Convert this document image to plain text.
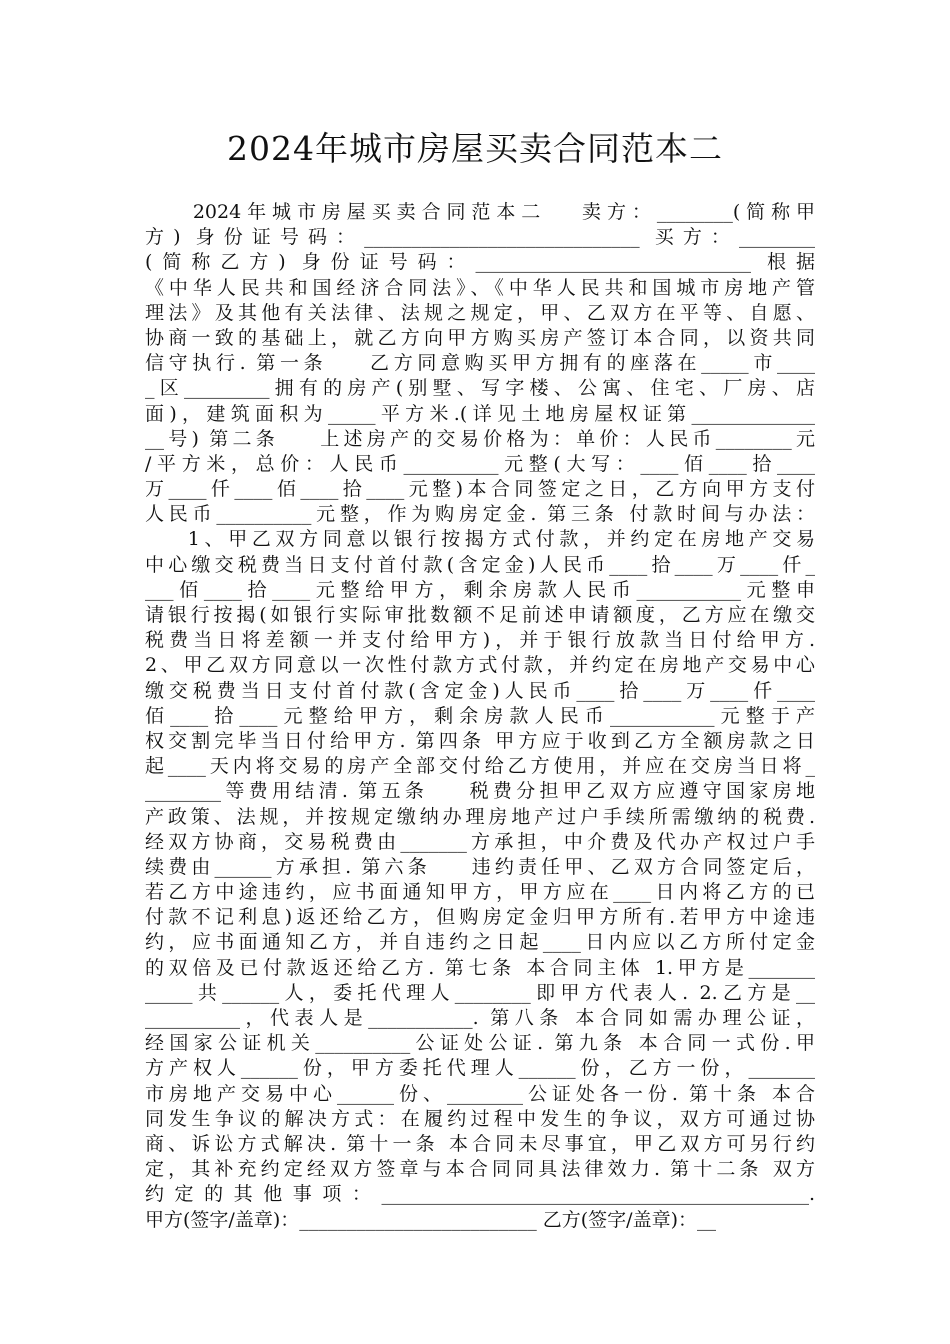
2024年城市房屋买卖合同范本二
2024年城市房屋买卖合同范本二   卖方：________(简称甲
方) 身份证号码：_____________________________ 买方：________
(简称乙方) 身份证号码：_____________________________ 根据
《中华人民共和国经济合同法》、《中华人民共和国城市房地产管
理法》及其他有关法律、法规之规定，甲、乙双方在平等、自愿、
协商一致的基础上，就乙方向甲方购买房产签订本合同，以资共同
信守执行. 第一条    乙方同意购买甲方拥有的座落在_____市____
_区_________拥有的房产(别墅、写字楼、公寓、住宅、厂房、店
面)，建筑面积为_____平方米.(详见土地房屋权证第_____________
__号) 第二条    上述房产的交易价格为：单价：人民币________元
/平方米，总价：人民币__________元整(大写：____佰____拾____
万____仟____佰____拾____元整)本合同签定之日，乙方向甲方支付
人民币__________元整，作为购房定金. 第三条 付款时间与办法：
1、甲乙双方同意以银行按揭方式付款，并约定在房地产交易
中心缴交税费当日支付首付款(含定金)人民币____拾____万____仟_
___佰____拾____元整给甲方，剩余房款人民币___________元整申
请银行按揭(如银行实际审批数额不足前述申请额度，乙方应在缴交
税费当日将差额一并支付给甲方)，并于银行放款当日付给甲方.
2、甲乙双方同意以一次性付款方式付款，并约定在房地产交易中心
缴交税费当日支付首付款(含定金)人民币____拾____万____仟____
佰____拾____元整给甲方，剩余房款人民币___________元整于产
权交割完毕当日付给甲方. 第四条 甲方应于收到乙方全额房款之日
起____天内将交易的房产全部交付给乙方使用，并应在交房当日将_
________等费用结清. 第五条    税费分担甲乙双方应遵守国家房地
产政策、法规，并按规定缴纳办理房地产过户手续所需缴纳的税费.
经双方协商，交易税费由_______方承担，中介费及代办产权过户手
续费由______方承担. 第六条    违约责任甲、乙双方合同签定后，
若乙方中途违约，应书面通知甲方，甲方应在____日内将乙方的已
付款不记利息)返还给乙方，但购房定金归甲方所有.若甲方中途违
约，应书面通知乙方，并自违约之日起____日内应以乙方所付定金
的双倍及已付款返还给乙方. 第七条 本合同主体 1.甲方是_______
_____共______人，委托代理人________即甲方代表人. 2.乙方是__
__________，代表人是___________. 第八条 本合同如需办理公证，
经国家公证机关__________公证处公证. 第九条 本合同一式份.甲
方产权人______份，甲方委托代理人______份，乙方一份，_______
市房地产交易中心______份、________公证处各一份. 第十条 本合
同发生争议的解决方式：在履约过程中发生的争议，双方可通过协
商、诉讼方式解决. 第十一条 本合同未尽事宜，甲乙双方可另行约
定，其补充约定经双方签章与本合同同具法律效力. 第十二条 双方
约定的其他事项：_____________________________________________.
甲方(签字/盖章)：_________________________ 乙方(签字/盖章)：__
